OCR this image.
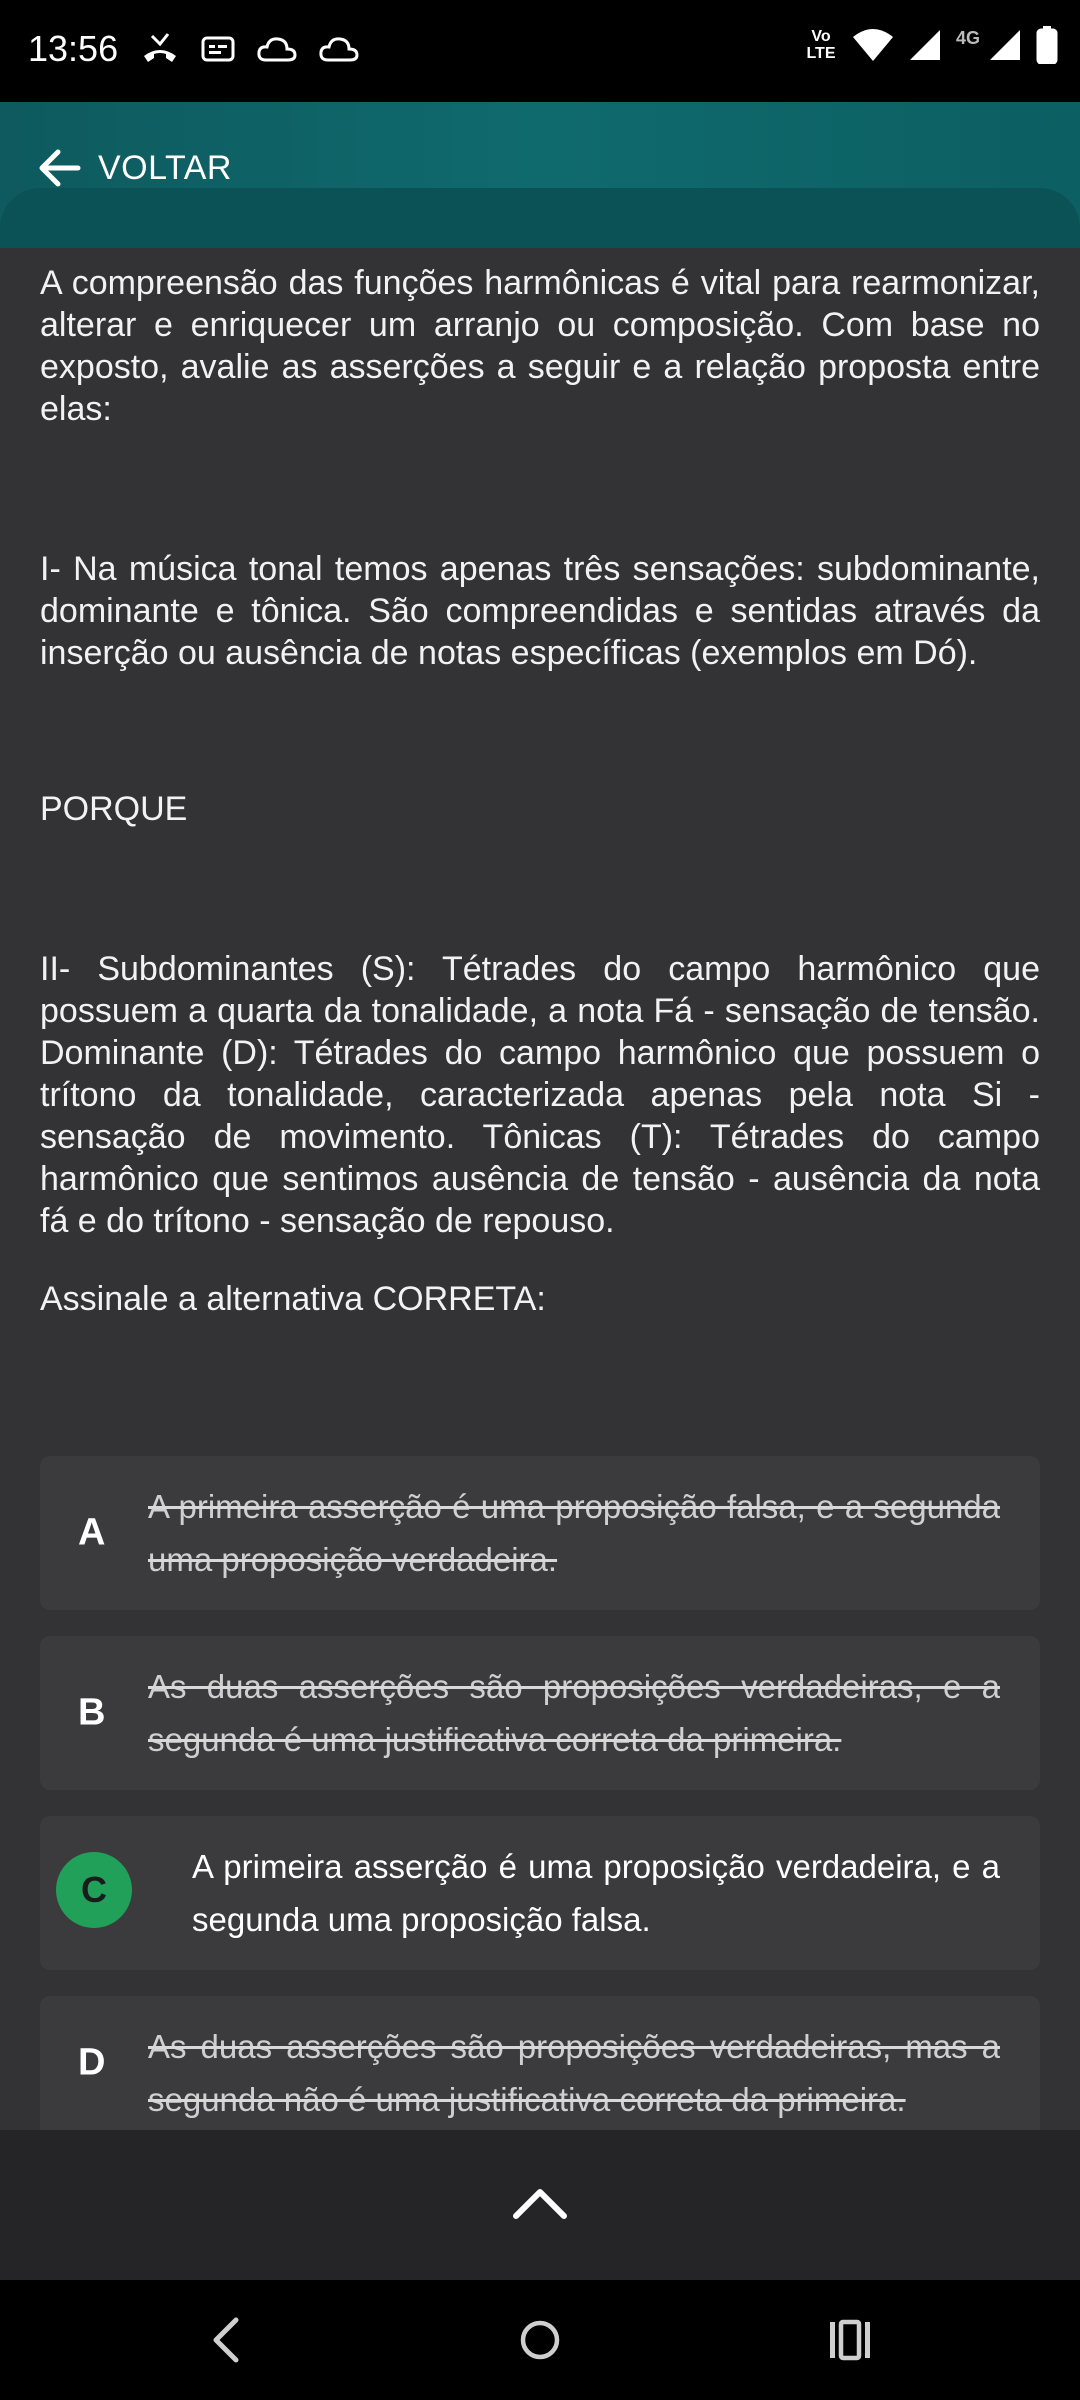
13:56	Vo
LTE
4G
VOLTAR

A compreensão das funções harmônicas é vital para rearmonizar, alterar e enriquecer um arranjo ou composição. Com base no exposto, avalie as asserções a seguir e a relação proposta entre elas:

I- Na música tonal temos apenas três sensações: subdominante, dominante e tônica. São compreendidas e sentidas através da inserção ou ausência de notas específicas (exemplos em Dó).

PORQUE

II- Subdominantes (S): Tétrades do campo harmônico que possuem a quarta da tonalidade, a nota Fá - sensação de tensão. Dominante (D): Tétrades do campo harmônico que possuem o trítono da tonalidade, caracterizada apenas pela nota Si - sensação de movimento. Tônicas (T): Tétrades do campo harmônico que sentimos ausência de tensão - ausência da nota fá e do trítono - sensação de repouso.

Assinale a alternativa CORRETA:

A
A primeira asserção é uma proposição falsa, e a segunda uma proposição verdadeira.
B
As duas asserções são proposições verdadeiras, e a segunda é uma justificativa correta da primeira.
C
A primeira asserção é uma proposição verdadeira, e a segunda uma proposição falsa.
D As duas asserções são proposições verdadeiras, mas a segunda não é uma justificativa correta da primeira.
